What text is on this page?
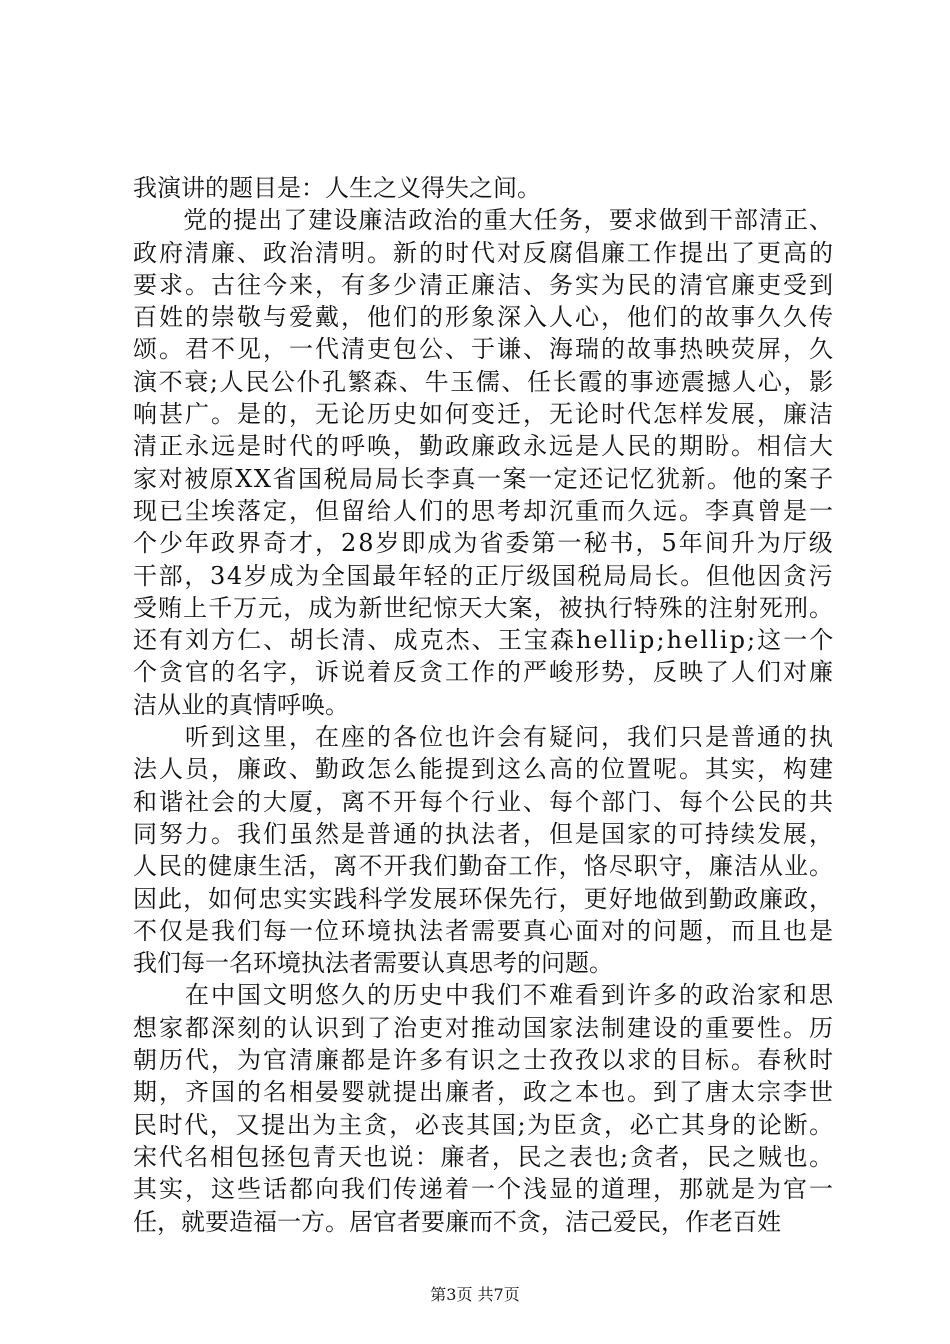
我演讲的题目是：人生之义得失之间。
　　党的提出了建设廉洁政治的重大任务，要求做到干部清正、
政府清廉、政治清明。新的时代对反腐倡廉工作提出了更高的
要求。古往今来，有多少清正廉洁、务实为民的清官廉吏受到
百姓的崇敬与爱戴，他们的形象深入人心，他们的故事久久传
颂。君不见，一代清吏包公、于谦、海瑞的故事热映荧屏，久
演不衰;人民公仆孔繁森、牛玉儒、任长霞的事迹震撼人心，影
响甚广。是的，无论历史如何变迁，无论时代怎样发展，廉洁
清正永远是时代的呼唤，勤政廉政永远是人民的期盼。相信大
家对被原XX省国税局局长李真一案一定还记忆犹新。他的案子
现已尘埃落定，但留给人们的思考却沉重而久远。李真曾是一
个少年政界奇才，28岁即成为省委第一秘书，5年间升为厅级
干部，34岁成为全国最年轻的正厅级国税局局长。但他因贪污
受贿上千万元，成为新世纪惊天大案，被执行特殊的注射死刑。
还有刘方仁、胡长清、成克杰、王宝森hellip;hellip;这一个
个贪官的名字，诉说着反贪工作的严峻形势，反映了人们对廉
洁从业的真情呼唤。
　　听到这里，在座的各位也许会有疑问，我们只是普通的执
法人员，廉政、勤政怎么能提到这么高的位置呢。其实，构建
和谐社会的大厦，离不开每个行业、每个部门、每个公民的共
同努力。我们虽然是普通的执法者，但是国家的可持续发展，
人民的健康生活，离不开我们勤奋工作，恪尽职守，廉洁从业。
因此，如何忠实实践科学发展环保先行，更好地做到勤政廉政，
不仅是我们每一位环境执法者需要真心面对的问题，而且也是
我们每一名环境执法者需要认真思考的问题。
　　在中国文明悠久的历史中我们不难看到许多的政治家和思
想家都深刻的认识到了治吏对推动国家法制建设的重要性。历
朝历代，为官清廉都是许多有识之士孜孜以求的目标。春秋时
期，齐国的名相晏婴就提出廉者，政之本也。到了唐太宗李世
民时代，又提出为主贪，必丧其国;为臣贪，必亡其身的论断。
宋代名相包拯包青天也说：廉者，民之表也;贪者，民之贼也。
其实，这些话都向我们传递着一个浅显的道理，那就是为官一
任，就要造福一方。居官者要廉而不贪，洁己爱民，作老百姓
第3页 共7页
